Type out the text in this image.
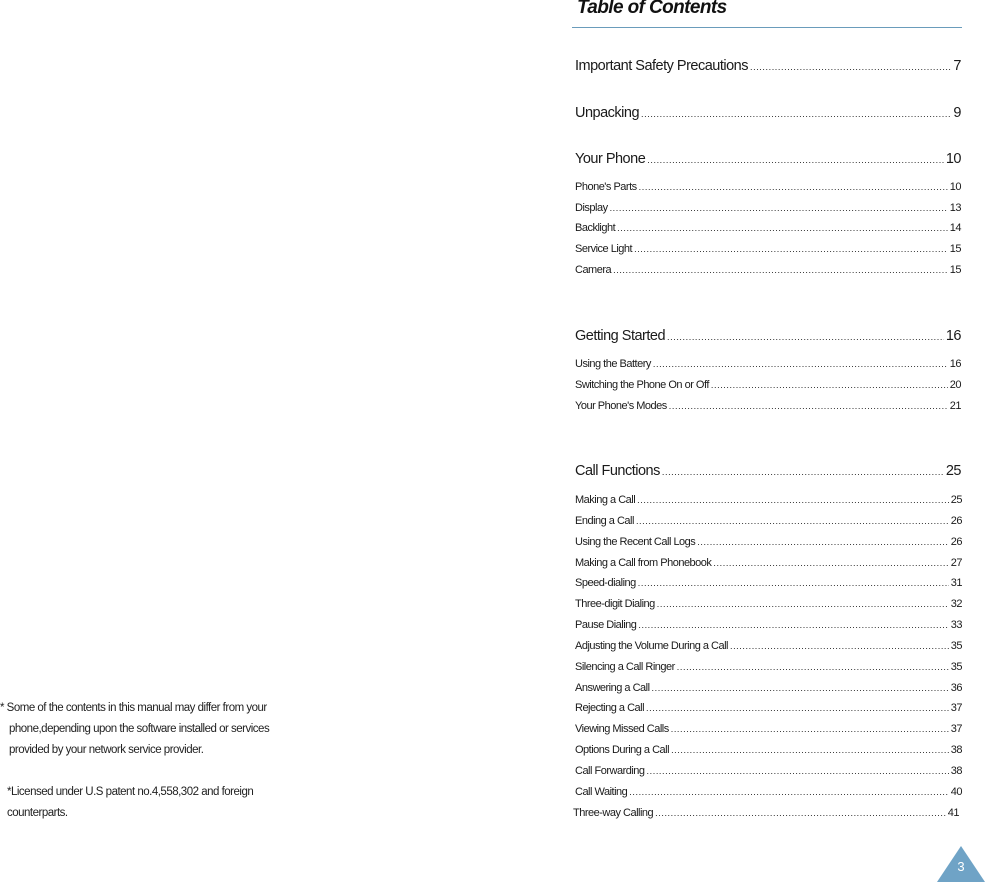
Table of Contents
Important Safety Precautions .....	7
Unpacking .....	9
Your Phone .....	10
Phone's Parts .....	10
Display .....	13
Backlight .....	14
Service Light .....	15
Camera .....	15
Getting Started .....	16
Using the Battery .....	16
Switching the Phone On or Off .....	20
Your Phone's Modes .....	21
Call Functions .....	25
Making a Call .....	25
Ending a Call .....	26
Using the Recent Call Logs .....	26
Making a Call from Phonebook .....	27
Speed-dialing .....	31
Three-digit Dialing .....	32
Pause Dialing .....	33
Adjusting the Volume During a Call .....	35
Silencing a Call Ringer .....	35
Answering a Call .....	36
Rejecting a Call .....	37
Viewing Missed Calls .....	37
Options During a Call .....	38
Call Forwarding .....	38
Call Waiting .....	40
Three-way Calling .....	41
* Some of the contents in this manual may differ from your
phone,depending upon the software installed or services
provided by your network service provider.
*Licensed under U.S patent no.4,558,302 and foreign
counterparts.
3
